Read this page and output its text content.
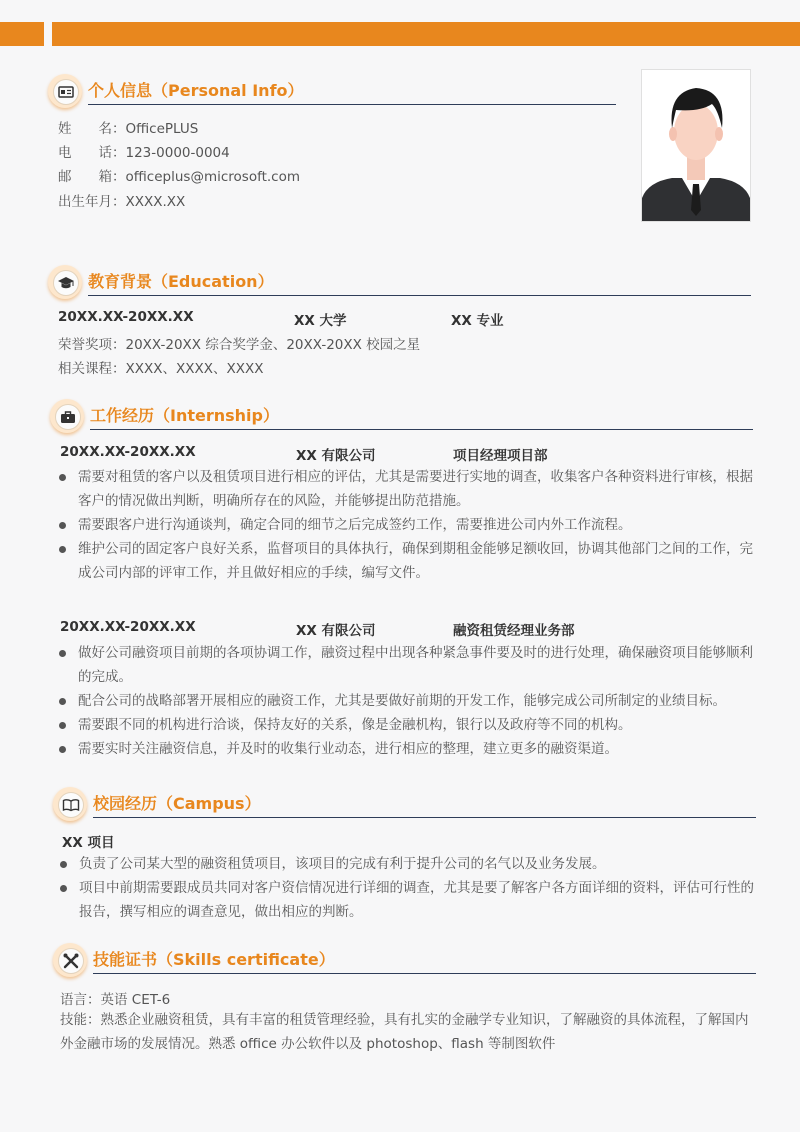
个人信息（Personal Info）
姓　　名：OfficePLUS
电　　话：123-0000-0004
邮　　箱：officeplus@microsoft.com
出生年月：XXXX.XX
教育背景（Education）
20XX.XX-20XX.XX	XX 大学	XX 专业
荣誉奖项：20XX-20XX 综合奖学金、20XX-20XX 校园之星
相关课程：XXXX、XXXX、XXXX
工作经历（Internship）
20XX.XX-20XX.XX	XX 有限公司	项目经理项目部
需要对租赁的客户以及租赁项目进行相应的评估，尤其是需要进行实地的调查，收集客户各种资料进行审核，根据客户的情况做出判断，明确所存在的风险，并能够提出防范措施。
需要跟客户进行沟通谈判，确定合同的细节之后完成签约工作，需要推进公司内外工作流程。
维护公司的固定客户良好关系，监督项目的具体执行，确保到期租金能够足额收回，协调其他部门之间的工作，完成公司内部的评审工作，并且做好相应的手续，编写文件。
20XX.XX-20XX.XX	XX 有限公司	融资租赁经理业务部
做好公司融资项目前期的各项协调工作，融资过程中出现各种紧急事件要及时的进行处理，确保融资项目能够顺利的完成。
配合公司的战略部署开展相应的融资工作，尤其是要做好前期的开发工作，能够完成公司所制定的业绩目标。
需要跟不同的机构进行洽谈，保持友好的关系，像是金融机构，银行以及政府等不同的机构。
需要实时关注融资信息，并及时的收集行业动态，进行相应的整理，建立更多的融资渠道。
校园经历（Campus）
XX 项目
负责了公司某大型的融资租赁项目，该项目的完成有利于提升公司的名气以及业务发展。
项目中前期需要跟成员共同对客户资信情况进行详细的调查，尤其是要了解客户各方面详细的资料，评估可行性的报告，撰写相应的调查意见，做出相应的判断。
技能证书（Skills certificate）
语言：英语 CET-6
技能：熟悉企业融资租赁，具有丰富的租赁管理经验，具有扎实的金融学专业知识，了解融资的具体流程，了解国内外金融市场的发展情况。熟悉 office 办公软件以及 photoshop、flash 等制图软件
